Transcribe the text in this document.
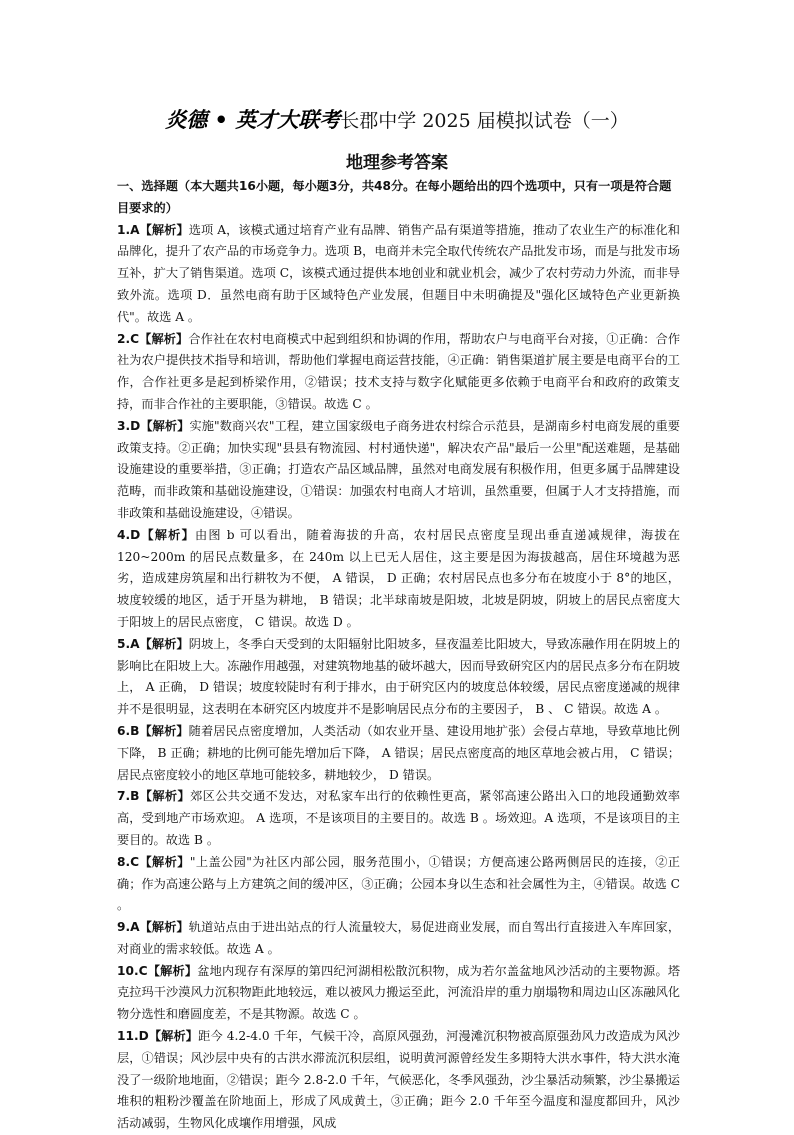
炎德 • 英才大联考长郡中学 2025 届模拟试卷（一）
地理参考答案
一、选择题（本大题共16小题，每小题3分，共48分。在每小题给出的四个选项中，只有一项是符合题目要求的）

1.A【解析】选项 A，该模式通过培育产业有品牌、销售产品有渠道等措施，推动了农业生产的标准化和品牌化，提升了农产品的市场竞争力。选项 B，电商并未完全取代传统农产品批发市场，而是与批发市场互补，扩大了销售渠道。选项 C，该模式通过提供本地创业和就业机会，减少了农村劳动力外流，而非导致外流。选项 D．虽然电商有助于区域特色产业发展，但题目中未明确提及"强化区域特色产业更新换代"。故选 A 。

2.C【解析】合作社在农村电商模式中起到组织和协调的作用，帮助农户与电商平台对接，①正确：合作社为农户提供技术指导和培训，帮助他们掌握电商运营技能，④正确：销售渠道扩展主要是电商平台的工作，合作社更多是起到桥梁作用，②错误；技术支持与数字化赋能更多依赖于电商平台和政府的政策支持，而非合作社的主要职能，③错误。故选 C 。

3.D【解析】实施"数商兴农"工程，建立国家级电子商务进农村综合示范县，是湖南乡村电商发展的重要政策支持。②正确；加快实现"县县有物流园、村村通快递"，解决农产品"最后一公里"配送难题，是基础设施建设的重要举措，③正确；打造农产品区域品牌，虽然对电商发展有积极作用，但更多属于品牌建设范畴，而非政策和基础设施建设，①错误：加强农村电商人才培训，虽然重要，但属于人才支持措施，而非政策和基础设施建设，④错误。

4.D【解析】由图 b 可以看出，随着海拔的升高，农村居民点密度呈现出垂直递减规律，海拔在 120~200m 的居民点数量多，在 240m 以上已无人居住，这主要是因为海拔越高，居住环境越为恶劣，造成建房筑屋和出行耕牧为不便， A 错误， D 正确；农村居民点也多分布在坡度小于 8°的地区，坡度较缓的地区，适于开垦为耕地， B 错误；北半球南坡是阳坡，北坡是阴坡，阴坡上的居民点密度大于阳坡上的居民点密度， C 错误。故选 D 。

5.A【解析】阴坡上，冬季白天受到的太阳辐射比阳坡多，昼夜温差比阳坡大，导致冻融作用在阴坡上的影响比在阳坡上大。冻融作用越强，对建筑物地基的破坏越大，因而导致研究区内的居民点多分布在阴坡上， A 正确， D 错误；坡度较陡时有利于排水，由于研究区内的坡度总体较缓，居民点密度递减的规律并不是很明显，这表明在本研究区内坡度并不是影响居民点分布的主要因子， B 、 C 错误。故选 A 。

6.B【解析】随着居民点密度增加，人类活动（如农业开垦、建设用地扩张）会侵占草地，导致草地比例下降， B 正确；耕地的比例可能先增加后下降， A 错误；居民点密度高的地区草地会被占用， C 错误；居民点密度较小的地区草地可能较多，耕地较少， D 错误。

7.B【解析】郊区公共交通不发达，对私家车出行的依赖性更高，紧邻高速公路出入口的地段通勤效率高，受到地产市场欢迎。 A 选项，不是该项目的主要目的。故选 B 。场效迎。A 选项，不是该项目的主要目的。故选 B 。

8.C【解析】"上盖公园"为社区内部公园，服务范围小，①错误；方便高速公路两侧居民的连接，②正确；作为高速公路与上方建筑之间的缓冲区，③正确；公园本身以生态和社会属性为主，④错误。故选 C 。

9.A【解析】轨道站点由于进出站点的行人流量较大，易促进商业发展，而自驾出行直接进入车库回家，对商业的需求较低。故选 A 。

10.C【解析】盆地内现存有深厚的第四纪河湖相松散沉积物，成为若尔盖盆地风沙活动的主要物源。塔克拉玛干沙漠风力沉积物距此地较远，难以被风力搬运至此，河流沿岸的重力崩塌物和周边山区冻融风化物分选性和磨圆度差，不是其物源。故选 C 。

11.D【解析】距今 4.2-4.0 千年，气候干冷，高原风强劲，河漫滩沉积物被高原强劲风力改造成为风沙层，①错误；风沙层中央有的古洪水滞流沉积层组，说明黄河源曾经发生多期特大洪水事件，特大洪水淹没了一级阶地地面，②错误；距今 2.8-2.0 千年，气候恶化，冬季风强劲，沙尘暴活动频繁，沙尘暴搬运堆积的粗粉沙覆盖在阶地面上，形成了风成黄土，③正确；距今 2.0 千年至今温度和湿度都回升，风沙活动减弱，生物风化成壤作用增强，风成
